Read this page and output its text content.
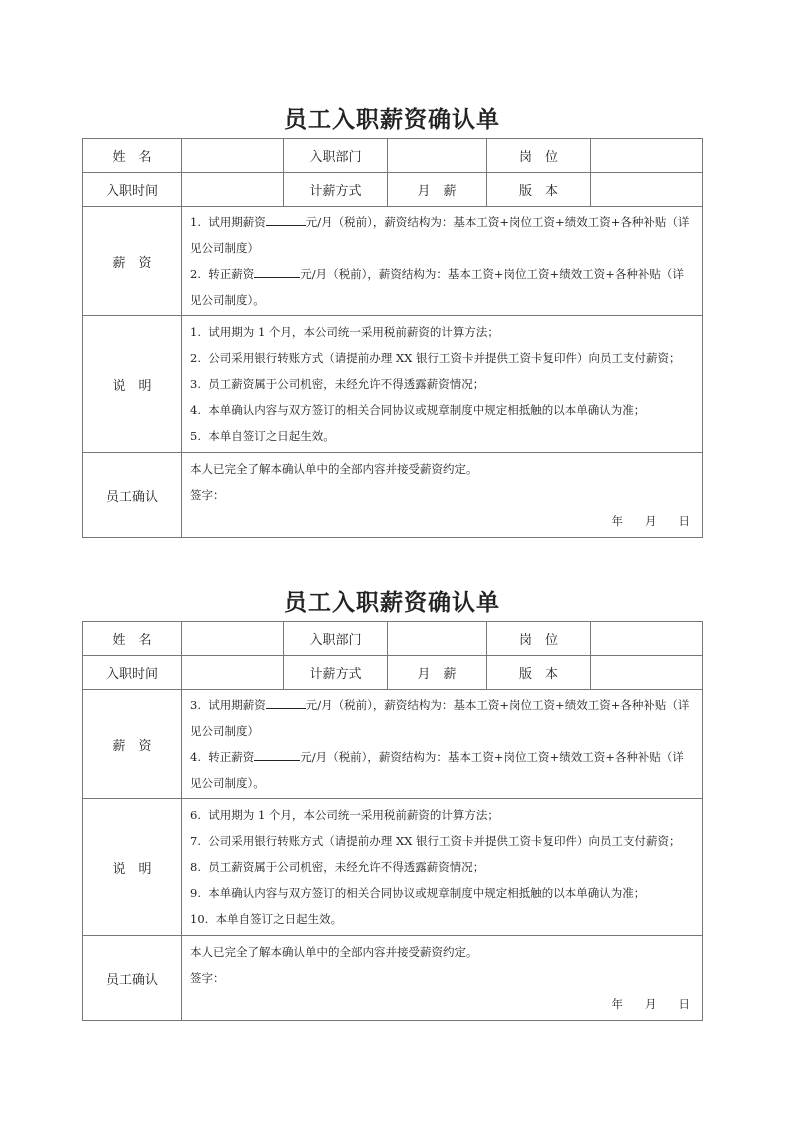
员工入职薪资确认单
姓　名		入职部门		岗　位	
入职时间		计薪方式	月　薪	版　本	
薪　资	1. 试用期薪资 元/月（税前），薪资结构为：基本工资+岗位工资+绩效工资+各种补贴（详见公司制度）

2. 转正薪资 元/月（税前），薪资结构为：基本工资+岗位工资+绩效工资+各种补贴（详见公司制度）。				

说　明	1. 试用期为 1 个月，本公司统一采用税前薪资的计算方法；

2. 公司采用银行转账方式（请提前办理 XX 银行工资卡并提供工资卡复印件）向员工支付薪资；

3. 员工薪资属于公司机密，未经允许不得透露薪资情况；

4. 本单确认内容与双方签订的相关合同协议或规章制度中规定相抵触的以本单确认为准；

5. 本单自签订之日起生效。				

员工确认	本人已完全了解本确认单中的全部内容并接受薪资约定。

签字：

年 月 日				

员工入职薪资确认单
姓　名		入职部门		岗　位	
入职时间		计薪方式	月　薪	版　本	
薪　资	3. 试用期薪资 元/月（税前），薪资结构为：基本工资+岗位工资+绩效工资+各种补贴（详见公司制度）

4. 转正薪资 元/月（税前），薪资结构为：基本工资+岗位工资+绩效工资+各种补贴（详见公司制度）。				

说　明	6. 试用期为 1 个月，本公司统一采用税前薪资的计算方法；

7. 公司采用银行转账方式（请提前办理 XX 银行工资卡并提供工资卡复印件）向员工支付薪资；

8. 员工薪资属于公司机密，未经允许不得透露薪资情况；

9. 本单确认内容与双方签订的相关合同协议或规章制度中规定相抵触的以本单确认为准；

10. 本单自签订之日起生效。				

员工确认	本人已完全了解本确认单中的全部内容并接受薪资约定。

签字：

年 月 日				
